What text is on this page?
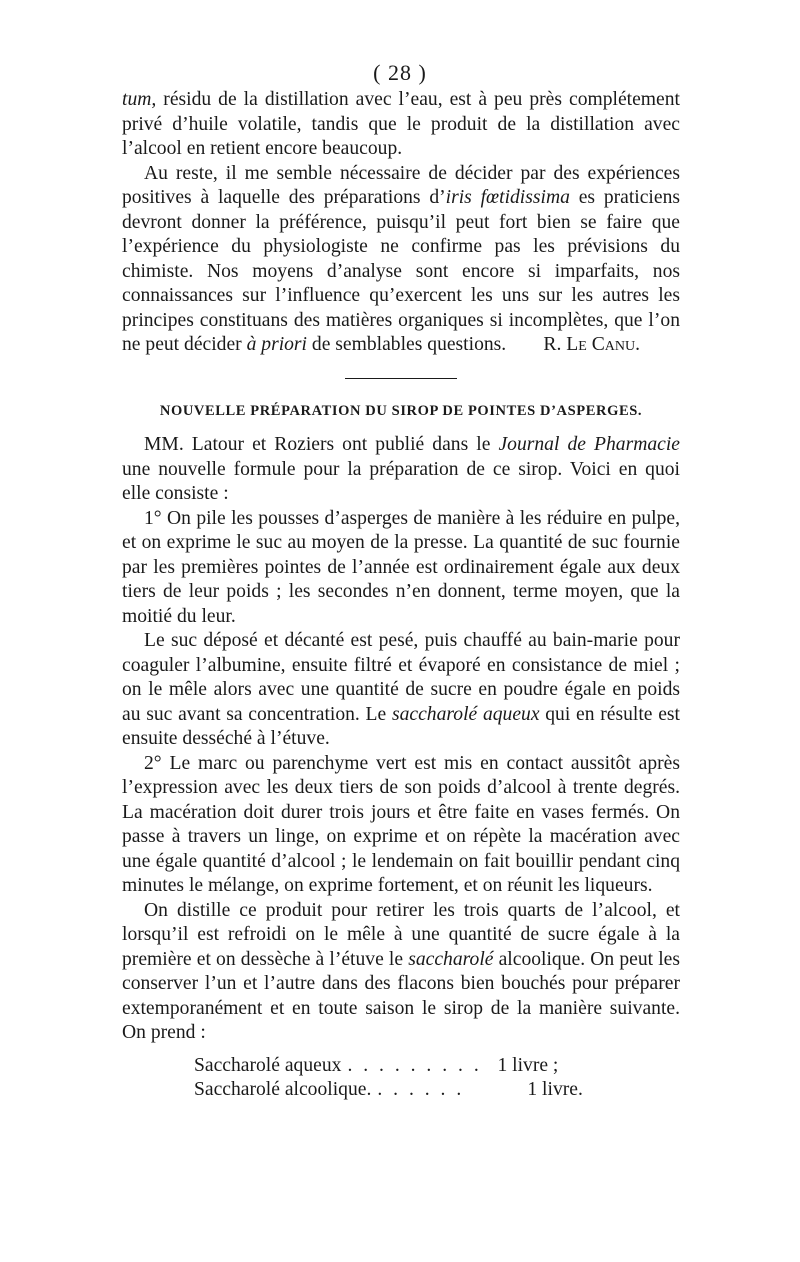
( 28 )

tum, résidu de la distillation avec l’eau, est à peu près complétement privé d’huile volatile, tandis que le produit de la distillation avec l’alcool en retient encore beaucoup.

Au reste, il me semble nécessaire de décider par des expériences positives à laquelle des préparations d’iris fœtidissima es praticiens devront donner la préférence, puisqu’il peut fort bien se faire que l’expérience du physiologiste ne confirme pas les prévisions du chimiste. Nos moyens d’analyse sont encore si imparfaits, nos connaissances sur l’influence qu’exercent les uns sur les autres les principes constituans des matières organiques si incomplètes, que l’on ne peut décider à priori de semblables questions.	R. Le Canu.

NOUVELLE PRÉPARATION DU SIROP DE POINTES D’ASPERGES.

MM. Latour et Roziers ont publié dans le Journal de Pharmacie une nouvelle formule pour la préparation de ce sirop. Voici en quoi elle consiste :

1° On pile les pousses d’asperges de manière à les réduire en pulpe, et on exprime le suc au moyen de la presse. La quantité de suc fournie par les premières pointes de l’année est ordinairement égale aux deux tiers de leur poids ; les secondes n’en donnent, terme moyen, que la moitié du leur.

Le suc déposé et décanté est pesé, puis chauffé au bain-marie pour coaguler l’albumine, ensuite filtré et évaporé en consistance de miel ; on le mêle alors avec une quantité de sucre en poudre égale en poids au suc avant sa concentration. Le saccharolé aqueux qui en résulte est ensuite desséché à l’étuve.

2° Le marc ou parenchyme vert est mis en contact aussitôt après l’expression avec les deux tiers de son poids d’alcool à trente degrés. La macération doit durer trois jours et être faite en vases fermés. On passe à travers un linge, on exprime et on répète la macération avec une égale quantité d’alcool ; le lendemain on fait bouillir pendant cinq minutes le mélange, on exprime fortement, et on réunit les liqueurs.

On distille ce produit pour retirer les trois quarts de l’alcool, et lorsqu’il est refroidi on le mêle à une quantité de sucre égale à la première et on dessèche à l’étuve le saccharolé alcoolique. On peut les conserver l’un et l’autre dans des flacons bien bouchés pour préparer extemporanément et en toute saison le sirop de la manière suivante. On prend :

Saccharolé aqueux . . . . . . . . . 1 livre ;
Saccharolé alcoolique. . . . . . .	1 livre.
